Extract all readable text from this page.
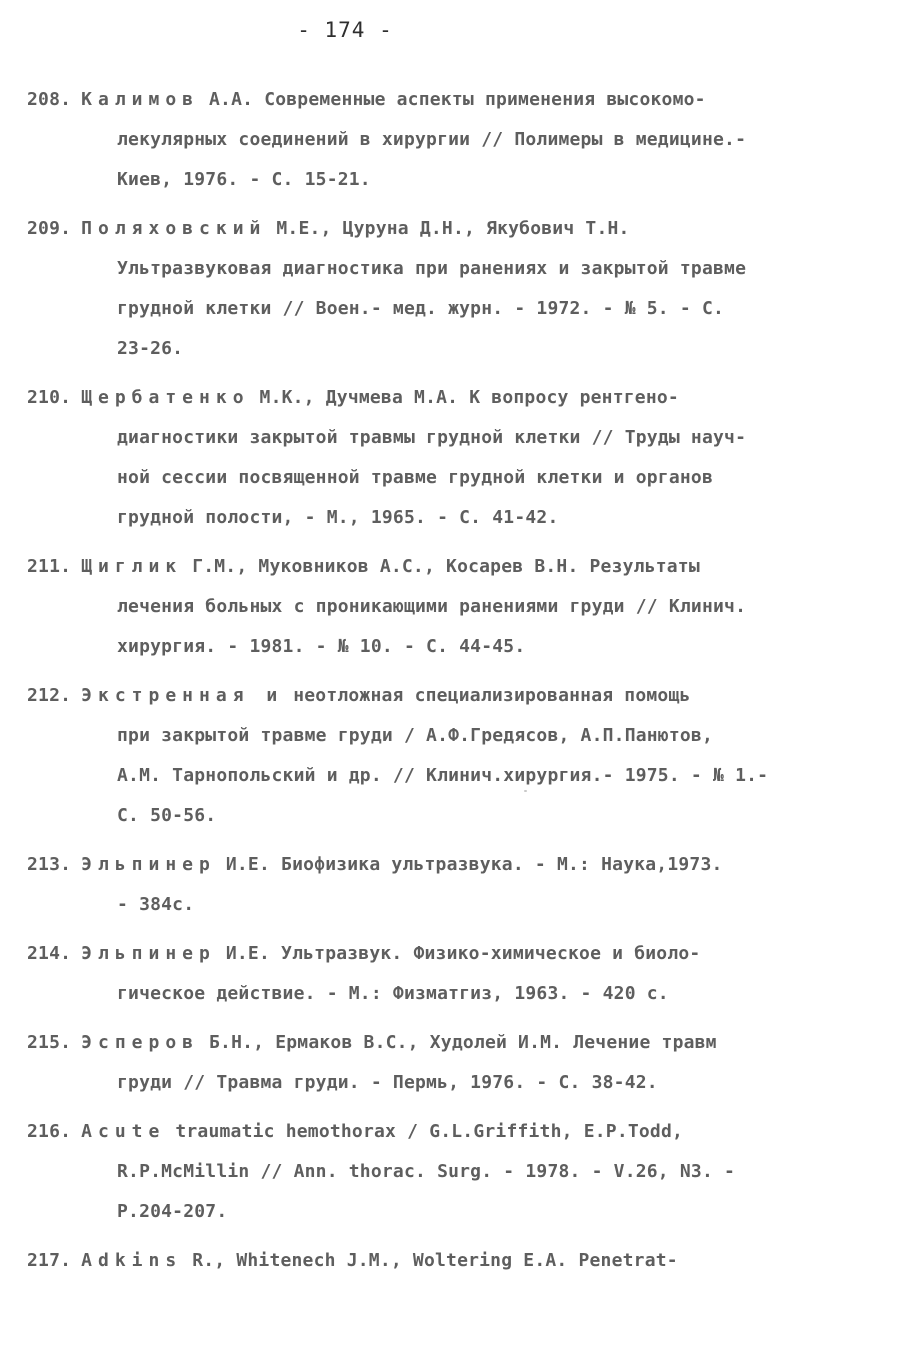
- 174 -
208. Калимов А.А. Современные аспекты применения высокомо-
лекулярных соединений в хирургии // Полимеры в медицине.-
Киев, 1976. - С. 15-21.
209. Поляховский М.Е., Цуруна Д.Н., Якубович Т.Н.
Ультразвуковая диагностика при ранениях и закрытой травме
грудной клетки // Воен.- мед. журн. - 1972. - № 5. - С.
23-26.
210. Щербатенко М.К., Дучмева М.А. К вопросу рентгено-
диагностики закрытой травмы грудной клетки // Труды науч-
ной сессии посвященной травме грудной клетки и органов
грудной полости, - М., 1965. - С. 41-42.
211. Щиглик Г.М., Муковников А.С., Косарев В.Н. Результаты
лечения больных с проникающими ранениями груди // Клинич.
хирургия. - 1981. - № 10. - С. 44-45.
212. Экстренная и неотложная специализированная помощь
при закрытой травме груди / А.Ф.Гредясов, А.П.Панютов,
А.М. Тарнопольский и др. // Клинич.хирургия.- 1975. - № 1.-
С. 50-56.
213. Эльпинер И.Е. Биофизика ультразвука. - М.: Наука,1973.
- 384с.
214. Эльпинер И.Е. Ультразвук. Физико-химическое и биоло-
гическое действие. - М.: Физматгиз, 1963. - 420 с.
215. Эсперов Б.Н., Ермаков В.С., Худолей И.М. Лечение травм
груди // Травма груди. - Пермь, 1976. - С. 38-42.
216. Acute traumatic hemothorax / G.L.Griffith, E.P.Todd,
R.P.McMillin // Ann. thorac. Surg. - 1978. - V.26, N3. -
P.204-207.
217. Adkins R., Whitenech J.M., Woltering E.A. Penetrat-
